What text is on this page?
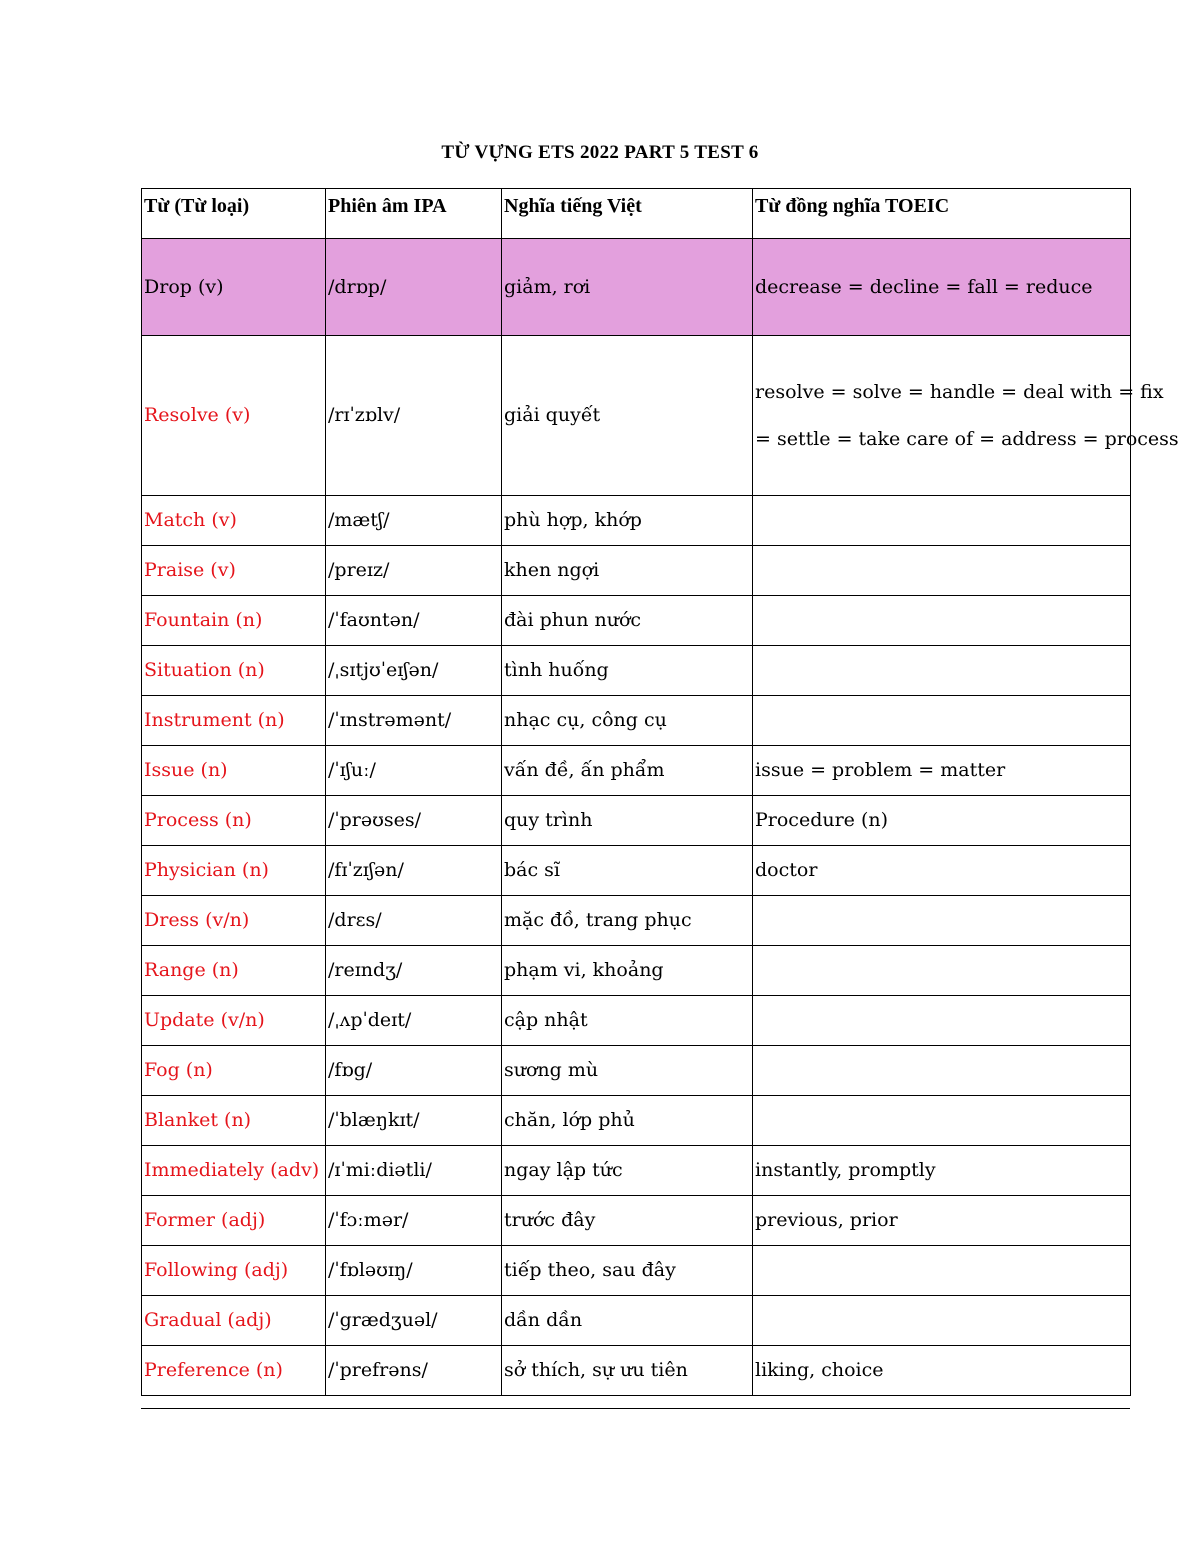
TỪ VỰNG ETS 2022 PART 5 TEST 6
Từ (Từ loại)	Phiên âm IPA	Nghĩa tiếng Việt	Từ đồng nghĩa TOEIC
Drop (v)	/drɒp/	giảm, rơi	decrease = decline = fall = reduce

Resolve (v)	/rɪˈzɒlv/	giải quyết	resolve = solve = handle = deal with = fix
= settle = take care of = address = process

Match (v)	/mætʃ/	phù hợp, khớp	
Praise (v)	/preɪz/	khen ngợi	
Fountain (n)	/ˈfaʊntən/	đài phun nước	
Situation (n)	/ˌsɪtjʊˈeɪʃən/	tình huống	
Instrument (n)	/ˈɪnstrəmənt/	nhạc cụ, công cụ	
Issue (n)	/ˈɪʃuː/	vấn đề, ấn phẩm	issue = problem = matter

Process (n)	/ˈprəʊses/	quy trình	Procedure (n)

Physician (n)	/fɪˈzɪʃən/	bác sĩ	doctor

Dress (v/n)	/drɛs/	mặc đồ, trang phục	
Range (n)	/reɪndʒ/	phạm vi, khoảng	
Update (v/n)	/ˌʌpˈdeɪt/	cập nhật	
Fog (n)	/fɒg/	sương mù	
Blanket (n)	/ˈblæŋkɪt/	chăn, lớp phủ	
Immediately (adv)	/ɪˈmiːdiətli/	ngay lập tức	instantly, promptly

Former (adj)	/ˈfɔːmər/	trước đây	previous, prior

Following (adj)	/ˈfɒləʊɪŋ/	tiếp theo, sau đây	
Gradual (adj)	/ˈgrædʒuəl/	dần dần	
Preference (n)	/ˈprefrəns/	sở thích, sự ưu tiên	liking, choice
